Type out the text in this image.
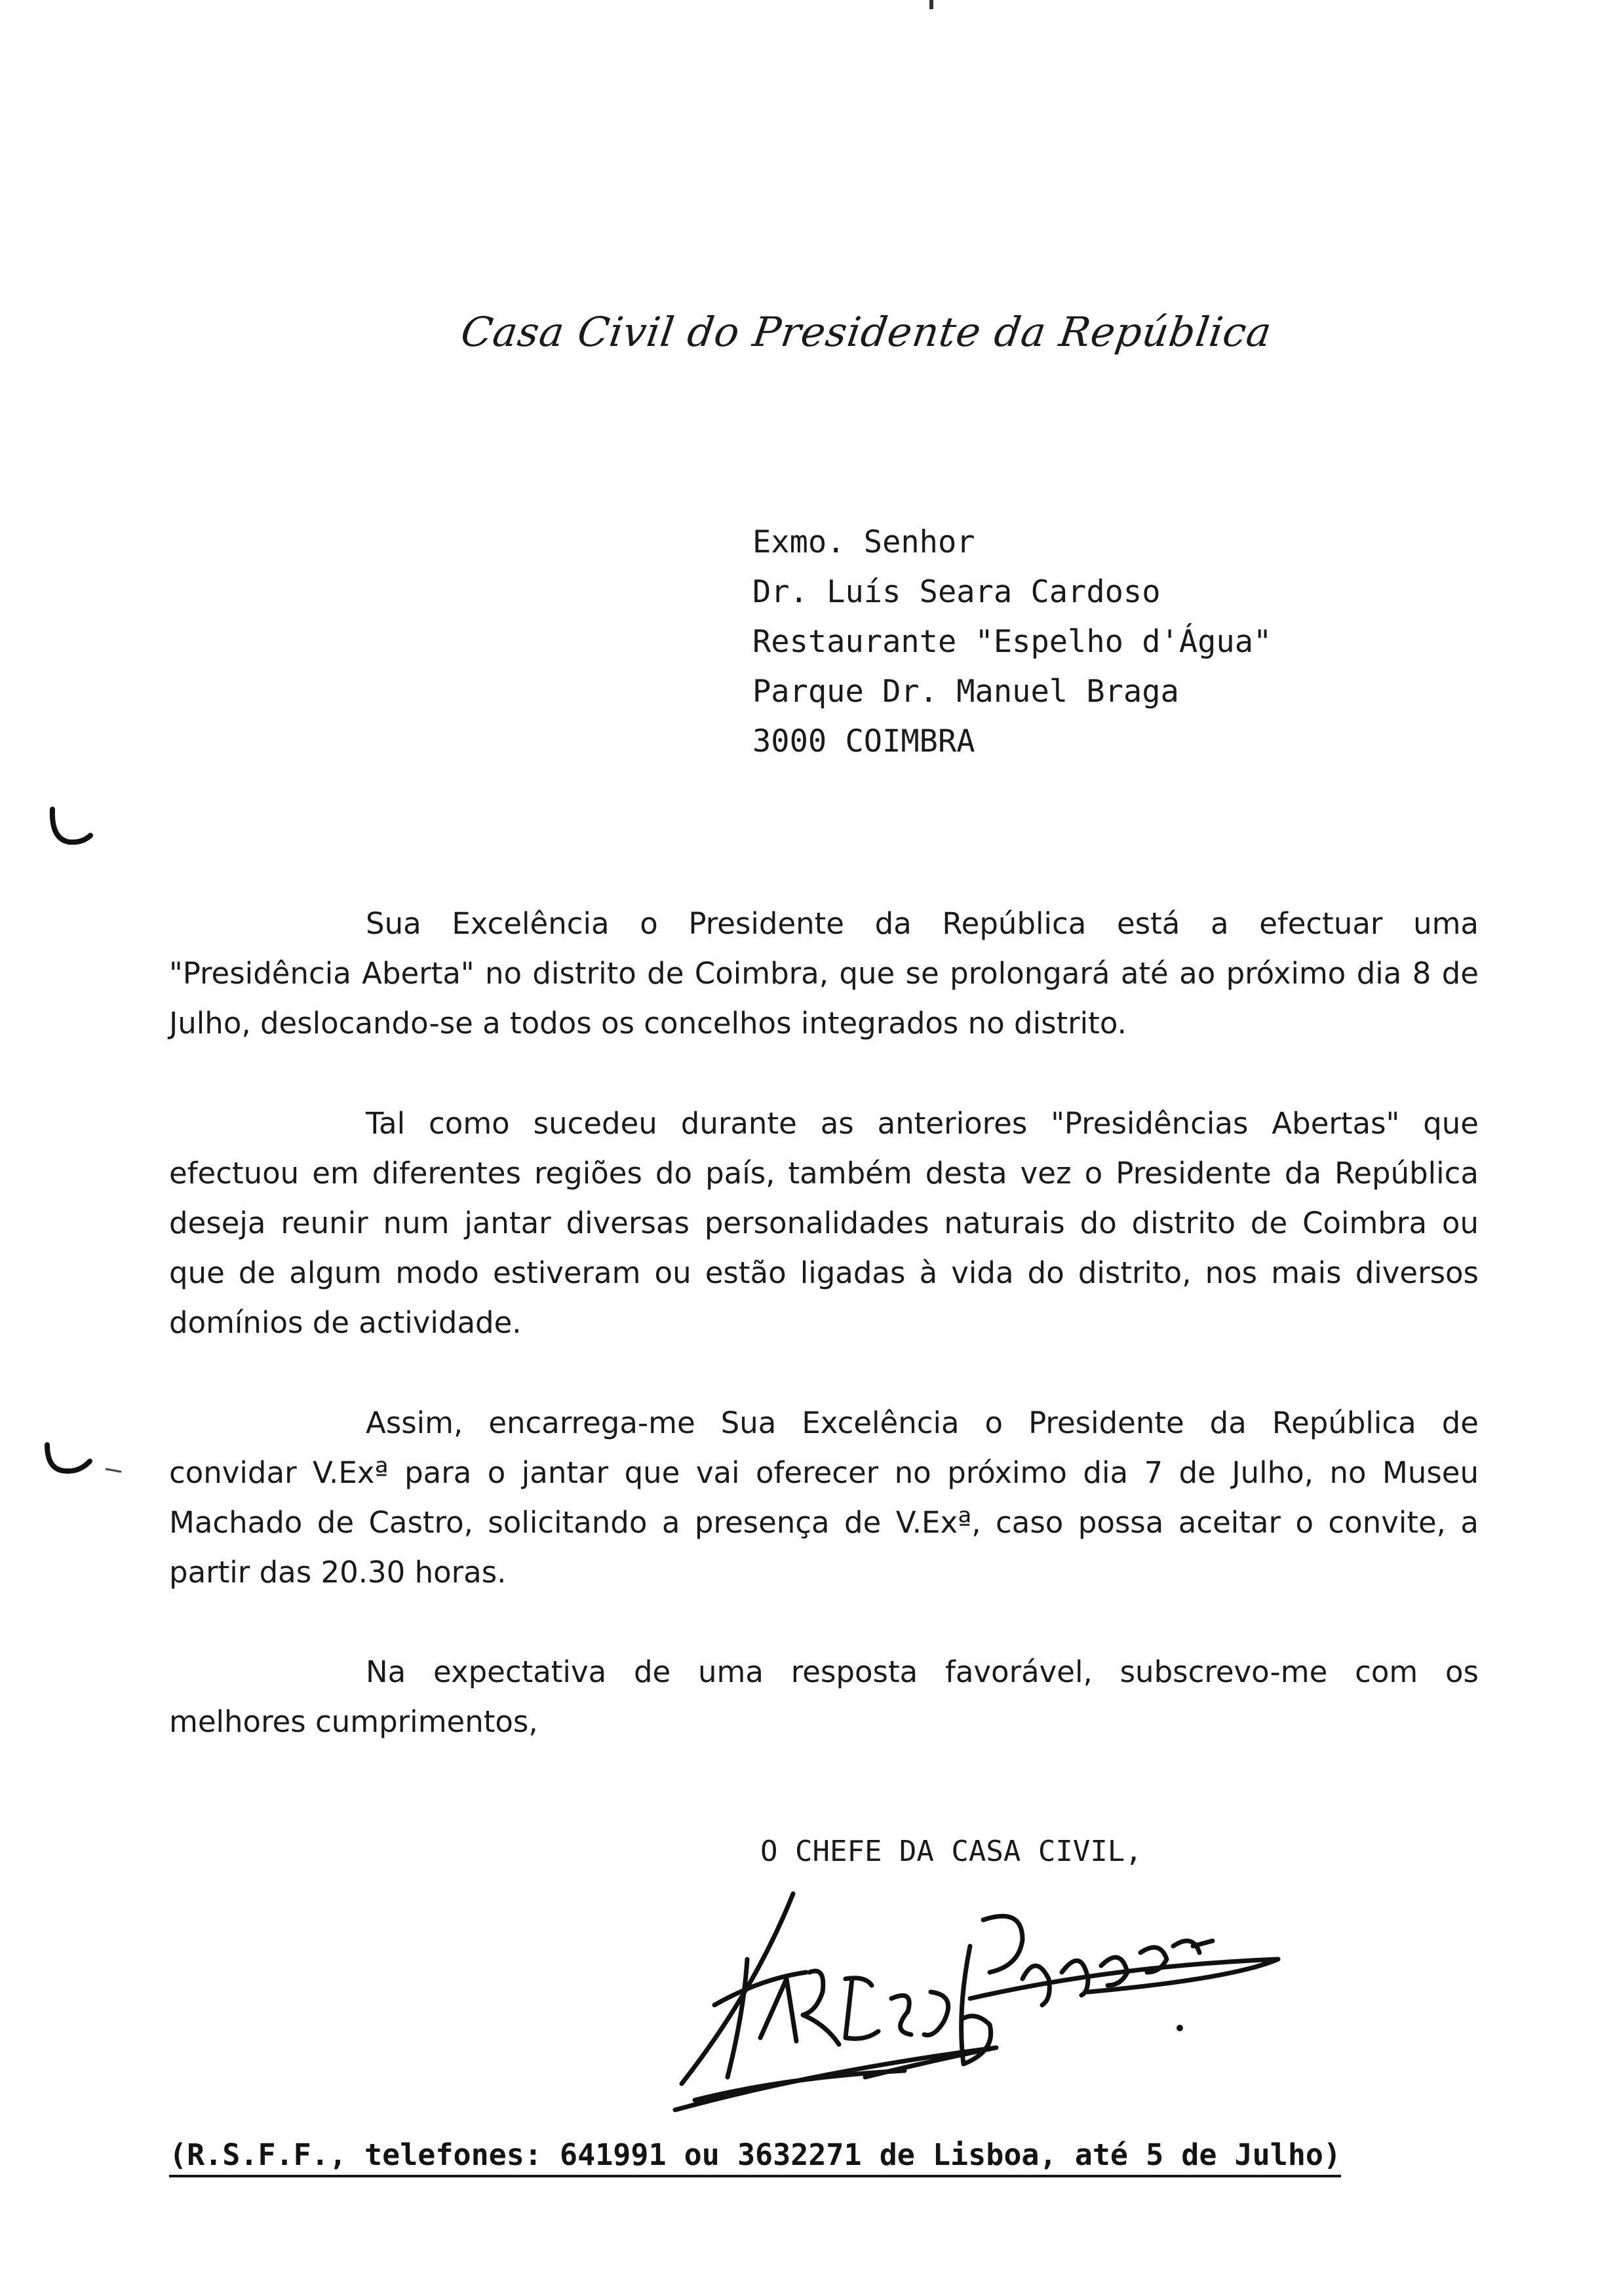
Casa Civil do Presidente da República
Exmo. Senhor
Dr. Luís Seara Cardoso
Restaurante "Espelho d'Água"
Parque Dr. Manuel Braga
3000 COIMBRA

Sua Excelência o Presidente da República está a efectuar uma "Presidência Aberta" no distrito de Coimbra, que se prolongará até ao próximo dia 8 de Julho, deslocando-se a todos os concelhos integrados no distrito.

Tal como sucedeu durante as anteriores "Presidências Abertas" que efectuou em diferentes regiões do país, também desta vez o Presidente da República deseja reunir num jantar diversas personalidades naturais do distrito de Coimbra ou que de algum modo estiveram ou estão ligadas à vida do distrito, nos mais diversos domínios de actividade.

Assim, encarrega-me Sua Excelência o Presidente da República de convidar V.Exª para o jantar que vai oferecer no próximo dia 7 de Julho, no Museu Machado de Castro, solicitando a presença de V.Exª, caso possa aceitar o convite, a partir das 20.30 horas.

Na expectativa de uma resposta favorável, subscrevo-me com os melhores cumprimentos,

O CHEFE DA CASA CIVIL,
(R.S.F.F., telefones: 641991 ou 3632271 de Lisboa, até 5 de Julho)
